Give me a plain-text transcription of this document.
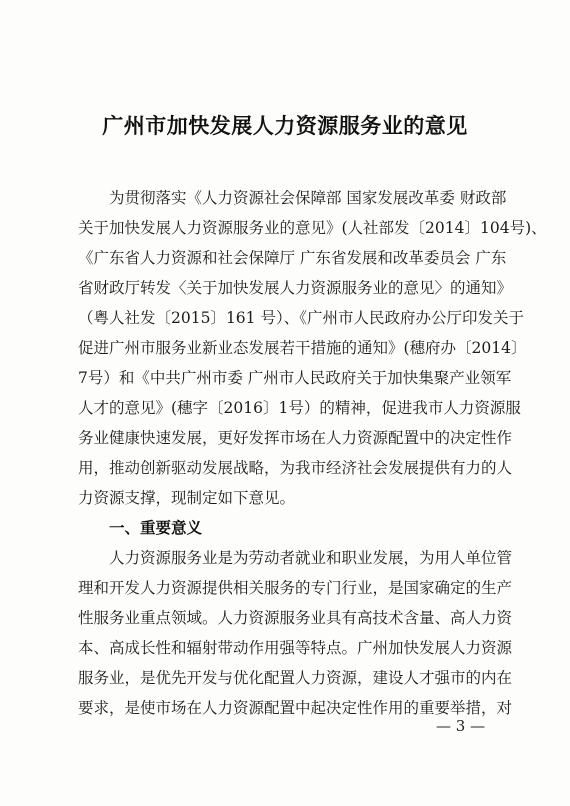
广州市加快发展人力资源服务业的意见
为贯彻落实《人力资源社会保障部 国家发展改革委 财政部
关于加快发展人力资源服务业的意见》(人社部发〔2014〕104号)、
《广东省人力资源和社会保障厅 广东省发展和改革委员会 广东
省财政厅转发〈关于加快发展人力资源服务业的意见〉的通知》
（粤人社发〔2015〕161 号）、《广州市人民政府办公厅印发关于
促进广州市服务业新业态发展若干措施的通知》(穗府办〔2014〕
7号）和《中共广州市委 广州市人民政府关于加快集聚产业领军
人才的意见》(穗字〔2016〕1号）的精神，促进我市人力资源服
务业健康快速发展，更好发挥市场在人力资源配置中的决定性作
用，推动创新驱动发展战略，为我市经济社会发展提供有力的人
力资源支撑，现制定如下意见。
一、重要意义
人力资源服务业是为劳动者就业和职业发展，为用人单位管
理和开发人力资源提供相关服务的专门行业，是国家确定的生产
性服务业重点领域。人力资源服务业具有高技术含量、高人力资
本、高成长性和辐射带动作用强等特点。广州加快发展人力资源
服务业，是优先开发与优化配置人力资源，建设人才强市的内在
要求，是使市场在人力资源配置中起决定性作用的重要举措，对
— 3 —
